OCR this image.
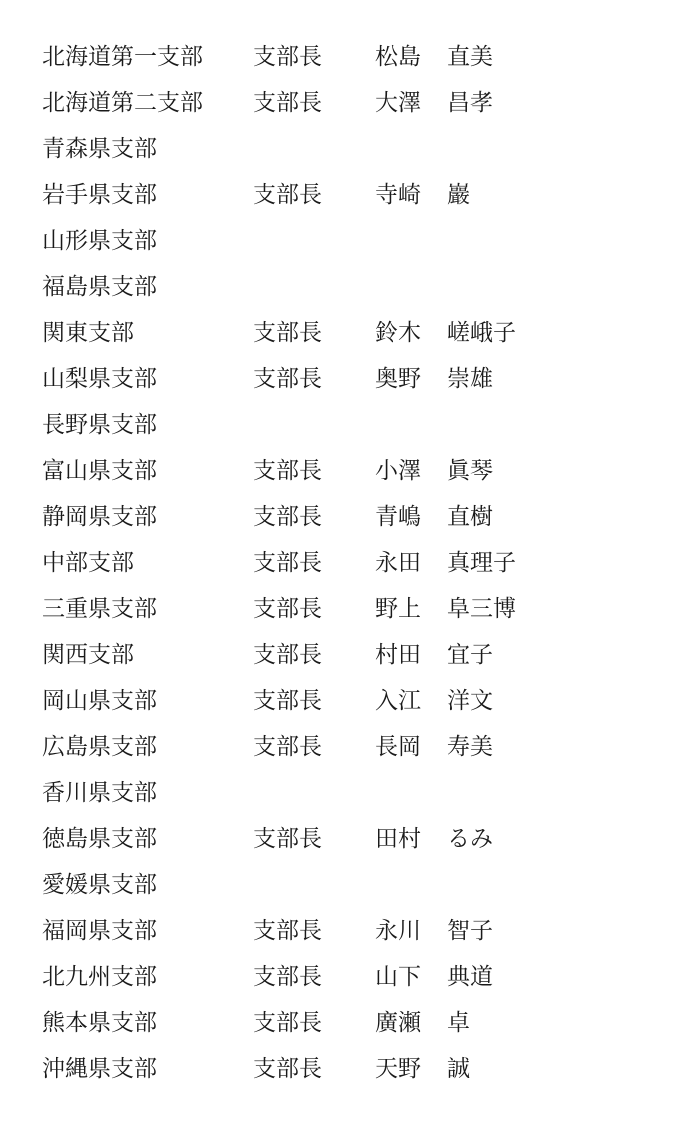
北海道第一支部 支部長 松島 直美
北海道第二支部 支部長 大澤 昌孝
青森県支部
岩手県支部	支部長 寺崎 巖
山形県支部
福島県支部
関東支部	支部長 鈴木 嵯峨子
山梨県支部	支部長 奥野 崇雄
長野県支部
富山県支部	支部長 小澤 眞琴
静岡県支部	支部長 青嶋 直樹
中部支部	支部長 永田 真理子
三重県支部	支部長 野上 阜三博
関西支部	支部長 村田 宜子
岡山県支部	支部長 入江 洋文
広島県支部	支部長 長岡 寿美
香川県支部
徳島県支部	支部長 田村 るみ
愛媛県支部
福岡県支部	支部長 永川 智子
北九州支部	支部長 山下 典道
熊本県支部	支部長 廣瀬 卓
沖縄県支部	支部長 天野 誠
